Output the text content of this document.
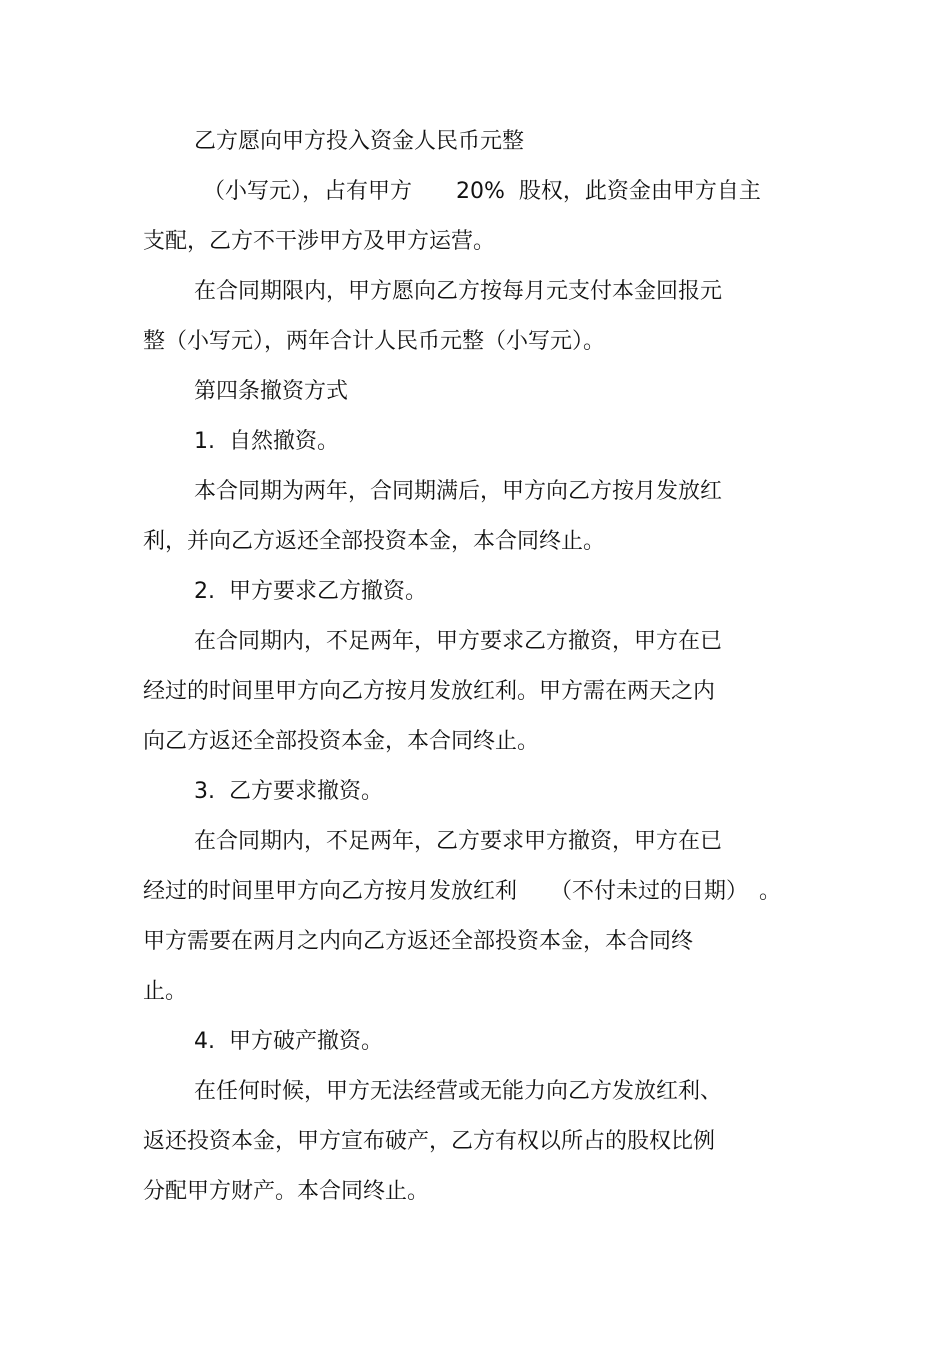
乙方愿向甲方投入资金人民币元整
（小写元），占有甲方　　20%  股权，此资金由甲方自主
支配，乙方不干涉甲方及甲方运营。
在合同期限内，甲方愿向乙方按每月元支付本金回报元
整（小写元），两年合计人民币元整（小写元）。
第四条撤资方式
1.  自然撤资。
本合同期为两年，合同期满后，甲方向乙方按月发放红
利，并向乙方返还全部投资本金，本合同终止。
2.  甲方要求乙方撤资。
在合同期内，不足两年，甲方要求乙方撤资，甲方在已
经过的时间里甲方向乙方按月发放红利。甲方需在两天之内
向乙方返还全部投资本金，本合同终止。
3.  乙方要求撤资。
在合同期内，不足两年，乙方要求甲方撤资，甲方在已
经过的时间里甲方向乙方按月发放红利　　（不付未过的日期）　。
甲方需要在两月之内向乙方返还全部投资本金，本合同终
止。
4.  甲方破产撤资。
在任何时候，甲方无法经营或无能力向乙方发放红利、
返还投资本金，甲方宣布破产，乙方有权以所占的股权比例
分配甲方财产。本合同终止。
